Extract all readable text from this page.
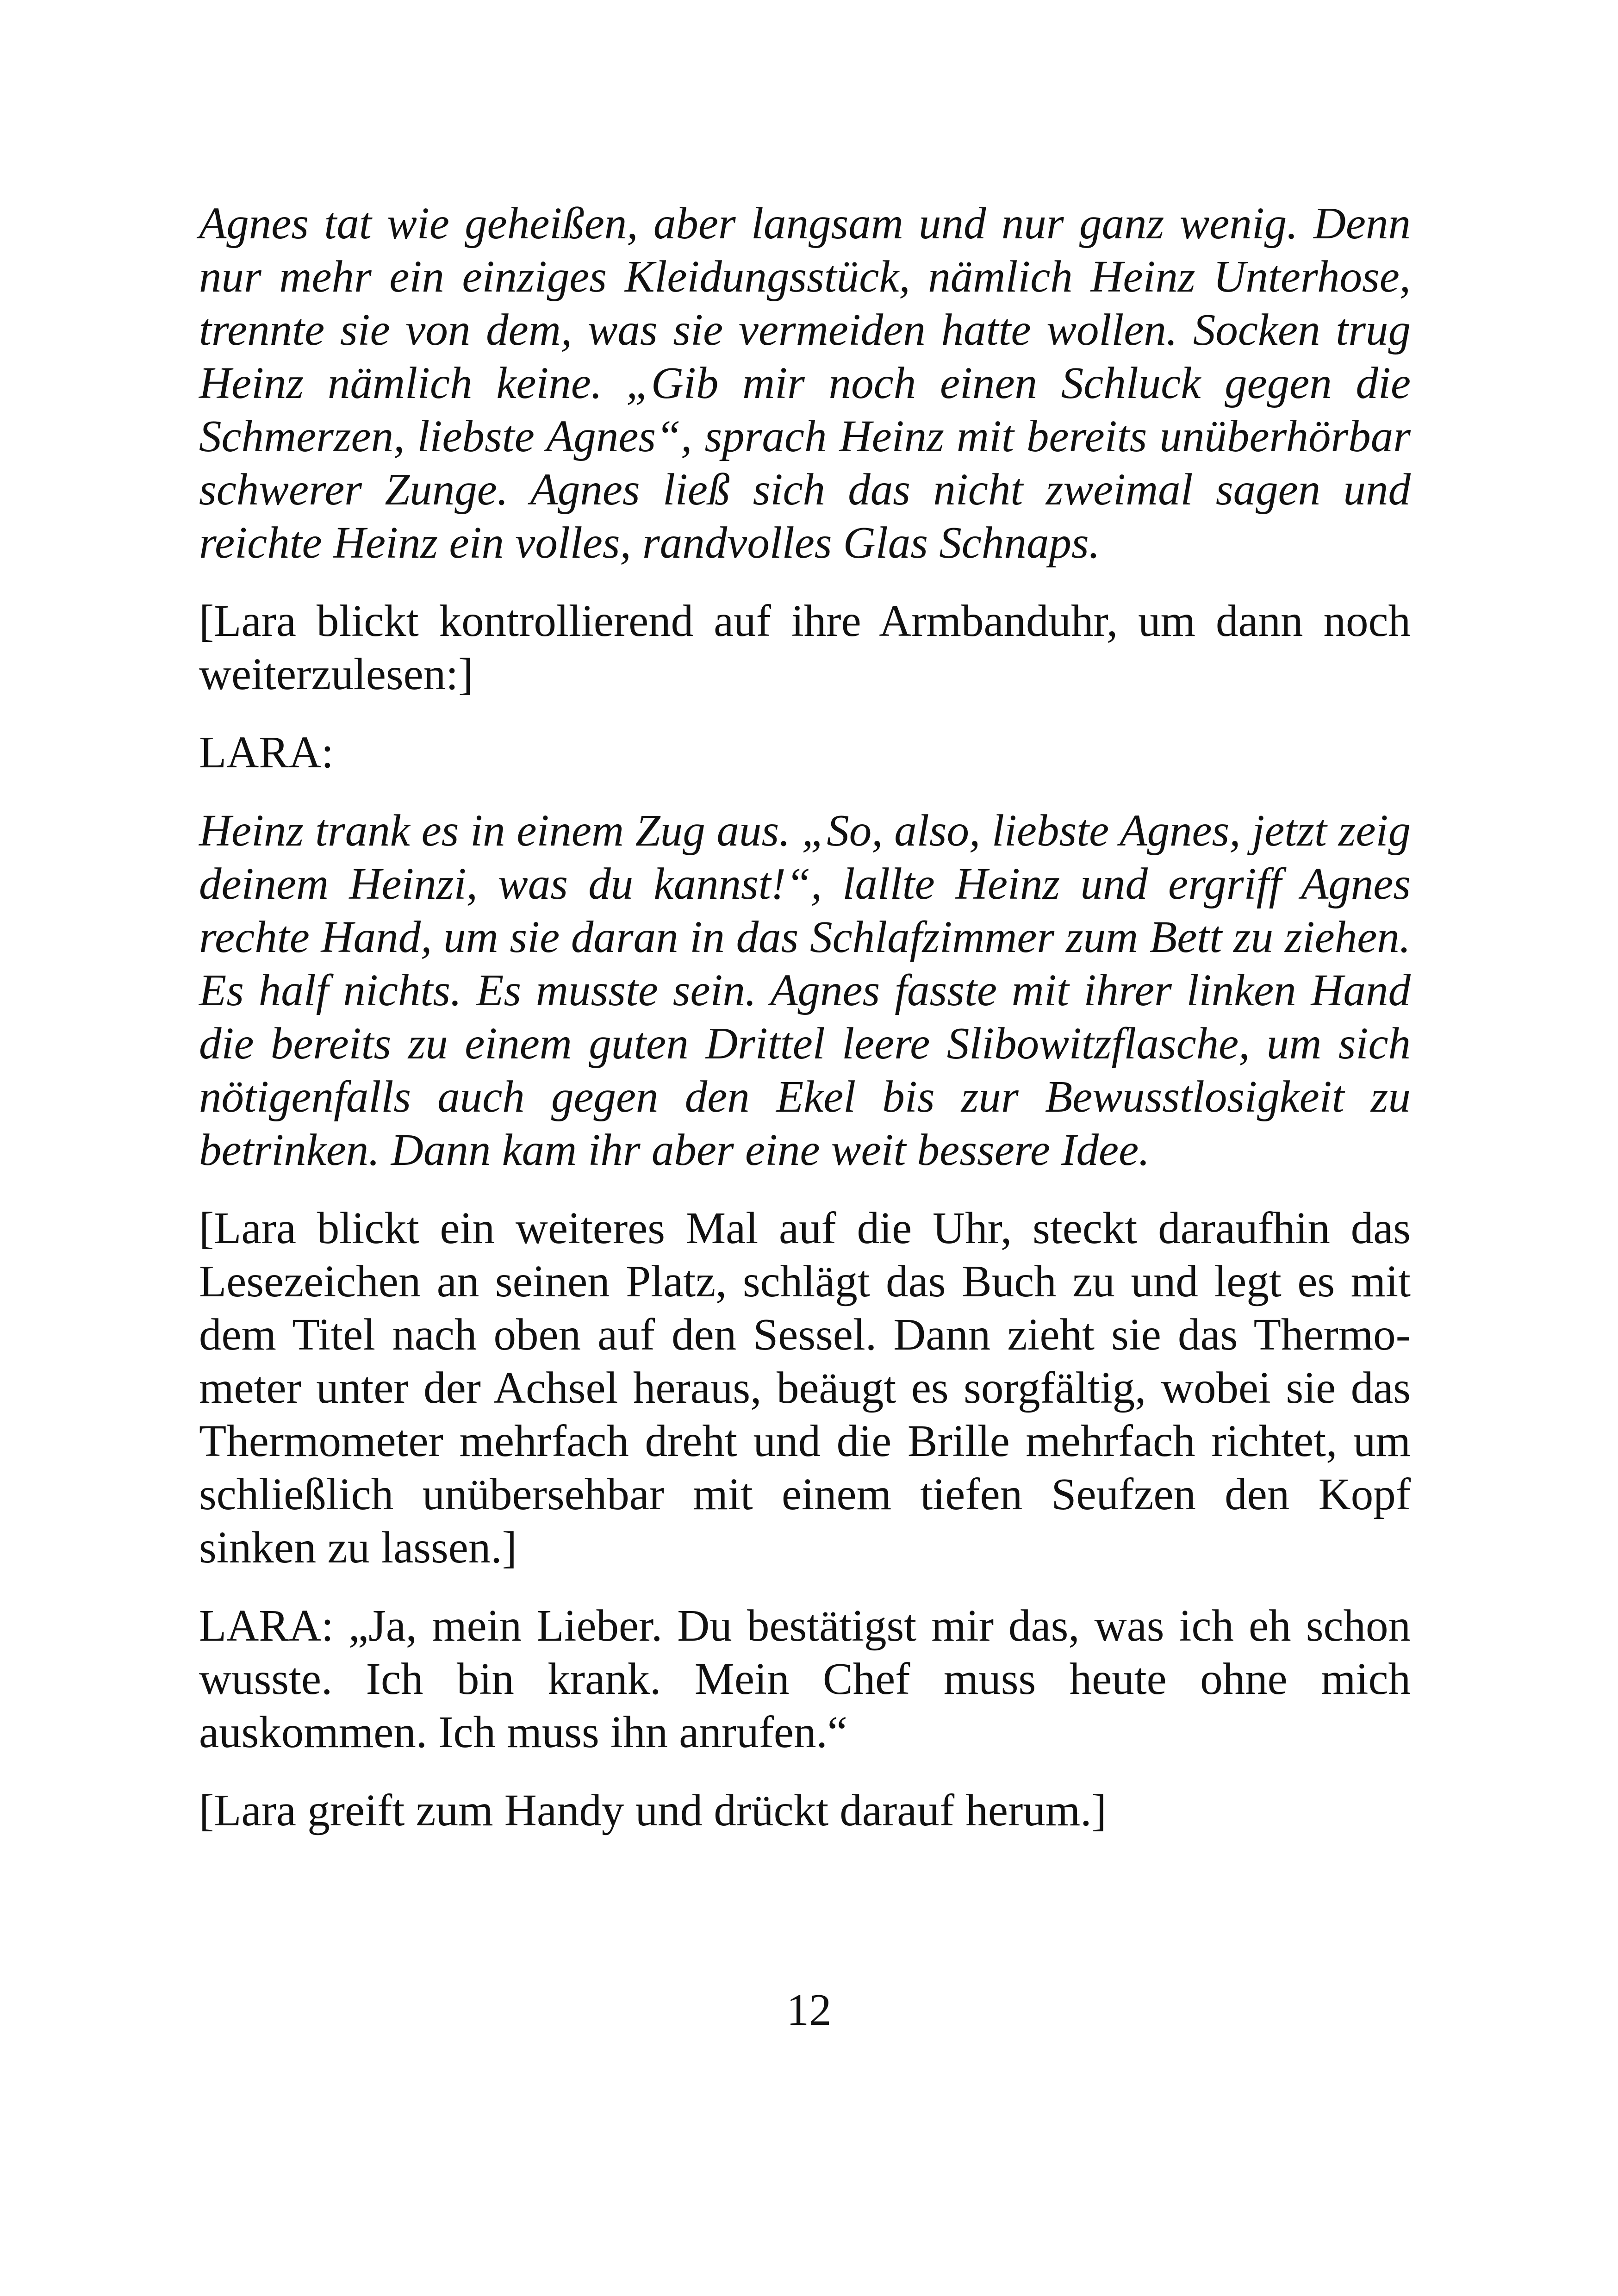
Agnes tat wie geheißen, aber langsam und nur ganz wenig. Denn nur mehr ein einziges Kleidungsstück, nämlich Heinz Unterhose, trennte sie von dem, was sie vermeiden hatte wollen. Socken trug Heinz nämlich keine. „Gib mir noch einen Schluck gegen die Schmerzen, liebste Agnes“, sprach Heinz mit bereits unüberhörbar schwerer Zunge. Agnes ließ sich das nicht zweimal sagen und reichte Heinz ein volles, randvolles Glas Schnaps.

[Lara blickt kontrollierend auf ihre Armbanduhr, um dann noch weiterzulesen:]

LARA:

Heinz trank es in einem Zug aus. „So, also, liebste Agnes, jetzt zeig deinem Heinzi, was du kannst!“, lallte Heinz und ergriff Agnes rechte Hand, um sie daran in das Schlafzimmer zum Bett zu ziehen. Es half nichts. Es musste sein. Agnes fasste mit ihrer linken Hand die bereits zu einem guten Drittel leere Slibowitzflasche, um sich nötigenfalls auch gegen den Ekel bis zur Bewusstlosigkeit zu betrinken. Dann kam ihr aber eine weit bessere Idee.

[Lara blickt ein weiteres Mal auf die Uhr, steckt daraufhin das Lesezeichen an seinen Platz, schlägt das Buch zu und legt es mit dem Titel nach oben auf den Sessel. Dann zieht sie das Thermometer unter der Achsel heraus, beäugt es sorgfältig, wobei sie das Thermometer mehrfach dreht und die Brille mehrfach richtet, um schließlich unübersehbar mit einem tiefen Seufzen den Kopf sinken zu lassen.]

LARA: „Ja, mein Lieber. Du bestätigst mir das, was ich eh schon wusste. Ich bin krank. Mein Chef muss heute ohne mich auskommen. Ich muss ihn anrufen.“

[Lara greift zum Handy und drückt darauf herum.]

12
